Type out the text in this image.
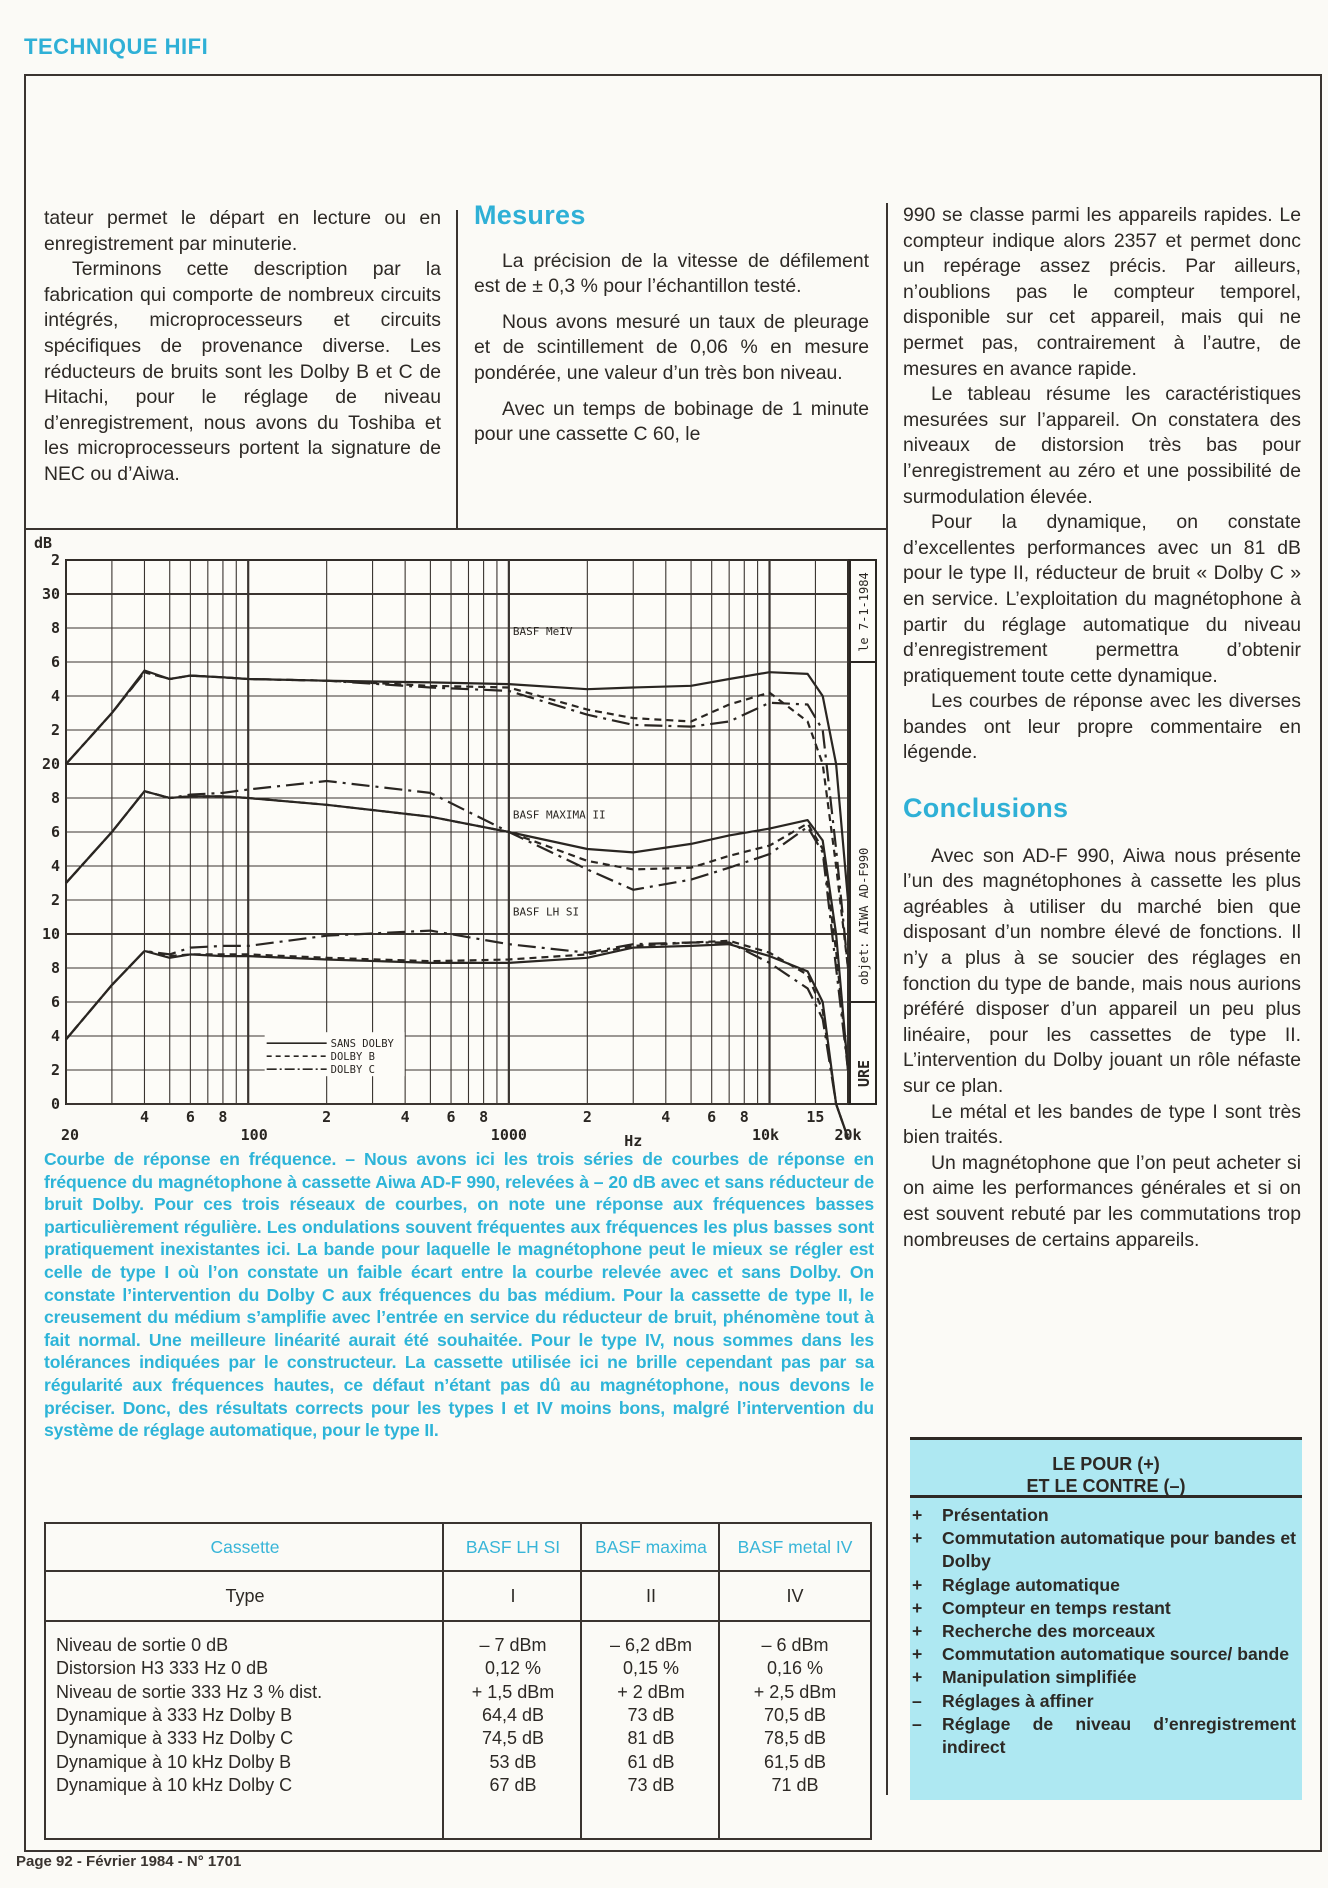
TECHNIQUE HIFI

tateur permet le départ en lecture ou en enregistrement par minuterie.

Terminons cette description par la fabrication qui comporte de nombreux circuits intégrés, microprocesseurs et circuits spécifiques de provenance diverse. Les réducteurs de bruits sont les Dolby B et C de Hitachi, pour le réglage de niveau d’enregistrement, nous avons du Toshiba et les microprocesseurs portent la signature de NEC ou d’Aiwa.

Mesures

La précision de la vitesse de défilement est de ± 0,3 % pour l’échantillon testé.

Nous avons mesuré un taux de pleurage et de scintillement de 0,06 % en mesure pondérée, une valeur d’un très bon niveau.

Avec un temps de bobinage de 1 minute pour une cassette C 60, le

990 se classe parmi les appareils rapides. Le compteur indique alors 2357 et permet donc un repérage assez précis. Par ailleurs, n’oublions pas le compteur temporel, disponible sur cet appareil, mais qui ne permet pas, contrairement à l’autre, de mesures en avance rapide.

Le tableau résume les caractéristiques mesurées sur l’appareil. On constatera des niveaux de distorsion très bas pour l’enregistrement au zéro et une possibilité de surmodulation élevée.

Pour la dynamique, on constate d’excellentes performances avec un 81 dB pour le type II, réducteur de bruit « Dolby C » en service. L’exploitation du magnétophone à partir du réglage automatique du niveau d’enregistrement permettra d’obtenir pratiquement toute cette dynamique.

Les courbes de réponse avec les diverses bandes ont leur propre commentaire en légende.

Conclusions

Avec son AD-F 990, Aiwa nous présente l’un des magnétophones à cassette les plus agréables à utiliser du marché bien que disposant d’un nombre élevé de fonctions. Il n’y a plus à se soucier des réglages en fonction du type de bande, mais nous aurions préféré disposer d’un appareil un peu plus linéaire, pour les cassettes de type II. L’intervention du Dolby jouant un rôle néfaste sur ce plan.

Le métal et les bandes de type I sont très bien traités.

Un magnétophone que l’on peut acheter si on aime les performances générales et si on est souvent rebuté par les commutations trop nombreuses de certains appareils.

2
30
8
6
4
2
20
8
6
4
2
10
8
6
4
2
0
dB
4 6 8	2	4 6 8	2	4 6 8	15
20	100	1000	10k	20k
Hz
BASF MeIV
BASF MAXIMA II
BASF LH SI
SANS DOLBY
DOLBY B
DOLBY C
le 7-1-1984
objet: AIWA AD-F990
URE
Courbe de réponse en fréquence. – Nous avons ici les trois séries de courbes de réponse en fréquence du magnétophone à cassette Aiwa AD-F 990, relevées à – 20 dB avec et sans réducteur de bruit Dolby. Pour ces trois réseaux de courbes, on note une réponse aux fréquences basses particulièrement régulière. Les ondulations souvent fréquentes aux fréquences les plus basses sont pratiquement inexistantes ici. La bande pour laquelle le magnétophone peut le mieux se régler est celle de type I où l’on constate un faible écart entre la courbe relevée avec et sans Dolby. On constate l’intervention du Dolby C aux fréquences du bas médium. Pour la cassette de type II, le creusement du médium s’amplifie avec l’entrée en service du réducteur de bruit, phénomène tout à fait normal. Une meilleure linéarité aurait été souhaitée. Pour le type IV, nous sommes dans les tolérances indiquées par le constructeur. La cassette utilisée ici ne brille cependant pas par sa régularité aux fréquences hautes, ce défaut n’étant pas dû au magnétophone, nous devons le préciser. Donc, des résultats corrects pour les types I et IV moins bons, malgré l’intervention du système de réglage automatique, pour le type II.
Cassette	BASF LH SI	BASF maxima	BASF metal IV
Type	I	II	IV
Niveau de sortie 0 dB	– 7 dBm	– 6,2 dBm	– 6 dBm
Distorsion H3 333 Hz 0 dB	0,12 %	0,15 %	0,16 %
Niveau de sortie 333 Hz 3 % dist.	+ 1,5 dBm	+ 2 dBm	+ 2,5 dBm
Dynamique à 333 Hz Dolby B	64,4 dB	73 dB	70,5 dB
Dynamique à 333 Hz Dolby C	74,5 dB	81 dB	78,5 dB
Dynamique à 10 kHz Dolby B	53 dB	61 dB	61,5 dB
Dynamique à 10 kHz Dolby C	67 dB	73 dB	71 dB
LE POUR (+)
ET LE CONTRE (–)
+	Présentation
+	Commutation automatique pour bandes et Dolby
+	Réglage automatique
+	Compteur en temps restant
+	Recherche des morceaux
+	Commutation automatique source/ bande
+	Manipulation simplifiée
–	Réglages à affiner
–	Réglage de niveau d’enregistrement indirect
Page 92 - Février 1984 - N° 1701
